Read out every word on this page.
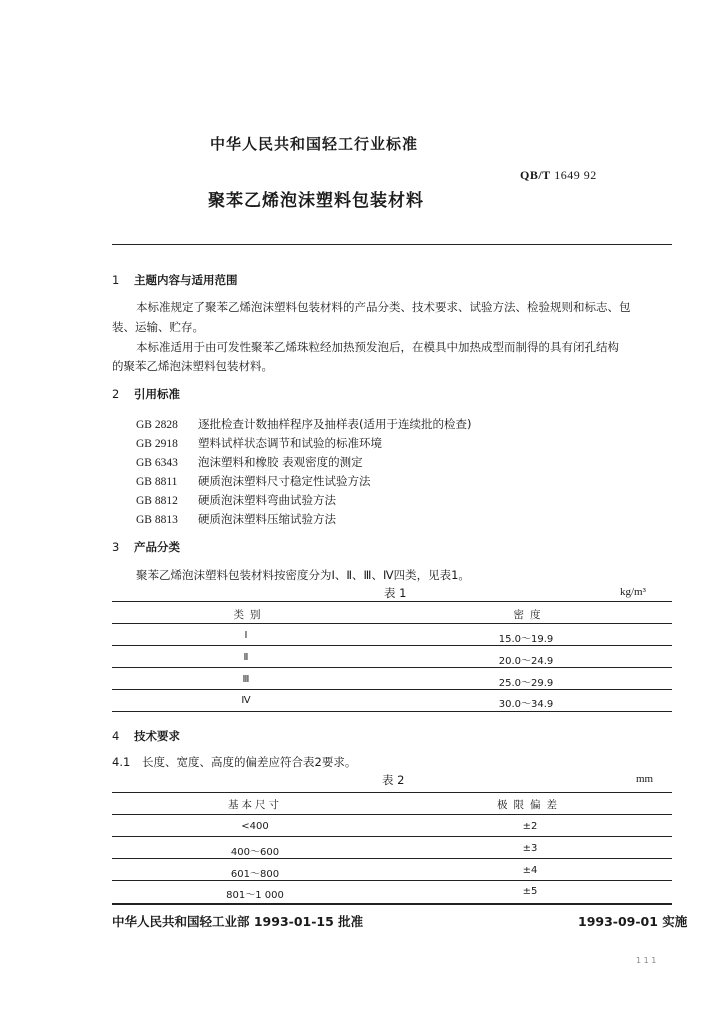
中华人民共和国轻工行业标准
QB/T 1649 92
聚苯乙烯泡沫塑料包装材料
1 主题内容与适用范围
本标准规定了聚苯乙烯泡沫塑料包装材料的产品分类、技术要求、试验方法、检验规则和标志、包
装、运输、贮存。
本标准适用于由可发性聚苯乙烯珠粒经加热预发泡后，在模具中加热成型而制得的具有闭孔结构
的聚苯乙烯泡沫塑料包装材料。
2 引用标准
GB 2828 逐批检查计数抽样程序及抽样表(适用于连续批的检查)
GB 2918 塑料试样状态调节和试验的标准环境
GB 6343 泡沫塑料和橡胶 表观密度的测定
GB 8811 硬质泡沫塑料尺寸稳定性试验方法
GB 8812 硬质泡沫塑料弯曲试验方法
GB 8813 硬质泡沫塑料压缩试验方法
3 产品分类
聚苯乙烯泡沫塑料包装材料按密度分为Ⅰ、Ⅱ、Ⅲ、Ⅳ四类，见表1。
表 1	kg/m³
类别	密度
Ⅰ	15.0～19.9
Ⅱ	20.0～24.9
Ⅲ	25.0～29.9
Ⅳ	30.0～34.9
4 技术要求
4.1 长度、宽度、高度的偏差应符合表2要求。
表 2	mm
基本尺寸	极限偏差
<400	±2
400～600	±3
601～800	±4
801～1 000	±5
中华人民共和国轻工业部 1993-01-15 批准	1993-09-01 实施
1 1 1
